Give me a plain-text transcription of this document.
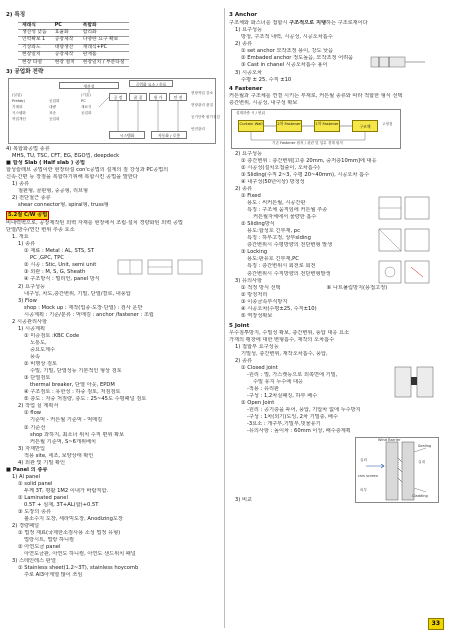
2) 특징
재래식	PC	복합화
생산성 낮음	효율화	합리화
인력확보 1	공장제작	다양한 요구 확보
기상좌도	대량생산	재래식+PC
현장일치	공장제작	판재흡
현장 타설	현장 설치	현장일치 / 부분타설
3) 공업화 전략
생산성	공업화 요소 / 목표
(일업)
Prefab)
기계화
시스템화
작업개선
공업화
대량
표준
공업화
(기술)
PC
재료식
공업화
공 정	품 질	원 가	안 전
현장작업 감소
현장관리 품질
공기단축 원가절감
안전관리
시스템화	자동화 / 로봇
4) 복합화공법 종류
MHS, TU, TSC, CFT, EG, EGO법, deepdeck
■ 합성 Slab ( Half slab ) 공법
합성슬래브 공법이란 현장타설 con'c공법의 설계의 질 강성과 PC공법의
신속·간편 등 장점을 복합하기위해 복합시킨 공법을 말한다
1) 종류
철판형, 골판형, 중공형, 리브형
2) 전단철근 종류
shear connector형, spiral형, truss형
5.2절 C/W 공법
비내력벽으로, 공장제작된 외벽 자재를 현장에서 조립·설치 경량화된 외벽 공법
단열/방수/연간 변위 추종 요소
1. 개요
1) 종류
① 재료 : Metal : AL, STS, ST
PC ,GPC, TPC
② 시공 : Stic, Unit, semi unit
③ 외관 : M, S, G, Sheath
④ 구조방식 : 멀리언, panel 방식
2) 요구성능
내구성, 차도,층간변위, 기밀, 단열/결로, 내풍압
3) Flow
shop : Mock up : 재작(업종·도장·단열) : 검사 운반
시공계획 : 기준/분류 : 먹매김 : anchor /fastener : 조립
2 시공관리사항
1) 시공계획
① 미증검토 :KBC Code
노통도,
중요도계수
풍속
② 비행상 검토
수밀, 기밀, 단열성등 기본적인 형상 검토
③ 단열검토
thermal breaker, 단열 아웃, EPDM
④ 구조검토 : 유한성 : 하중 검토, 처짐검토
⑤ 층도 : 자중 처짐량, 층도 : 25~45도 수평패널 검토
2) 작업 실 계획서
① flow
기준먹 - 커튼월 기준먹 - 먹매김
② 기준선
shop 과하지, 최소너 위치 수직 편위 확보
커튼월 기준먹, S~6개위배치
3) 자재반입
적용 site, 세조, 보양상태 확인
4) 외관 및 기밀 확인
■ Panel 의 종류
1) Al panel
① solid panel
두께 3T, 평활 1M2 이내가 바람직함.
② Laminated panel
0.5T + 심재, 3T+AL(합)+0.5T
③ 도장의 종류
불소수지 도장, 세라믹도장, Anodizing도장
2) 경량패널
① 법정 재료(국제한소검사용 소성 법정 유형)
법랑시트, 법랑 하니컴
② 아연도금 panel
아연도금판, 아연도 하니컴, 아연도 샌드위치 패널
3) 스테인레스 판넬
① Stainless sheet(1.2~3T), stainless hoycomb
주로 AI3아계열 많이 쓰임
3 Anchor
구조체와 화스너를 접합시 구조적으로 지탱하는 구조로재이다
1) 요구성능
방청, 구조적 내력, 시공성, 시공오차흡수
2) 종류
① set anchor 모작조정 용이, 강도 낮음
② Embaded anchor 정도높음, 모작조정 어려움
③ Cast in chanel 시공오차흡수 용이
3) 시공오차
수평 ± 25, 수직 ±10
4 Fastener
커튼월과 구조체를 연결 시키는 부재로, 커튼월 종류와 따라 적합한 형식 선택
층간변위, 시공성, 내구성 확보
설계하중 시 / 변위
Curtain Wall	2차 Fastener	1차 Fastener
구조체
기존 Fastener 원칙 / 관련 및 업무 경계 원칙
고정점
2) 요구성능
① 층간변위 : 층간변위[고층 20mm, 중저층10mm]에 대응
② 시공성(설치오접출이, 오차흡수)
③ Sliding(수직 2~3, 수평 20~40mm), 시공오차 흡수
④ 내구성(50년이상) 방청성
2) 종류
① Fixed
용도 : 씨커튼월, 시공간판
특징 : 구조체 움직임에 커튼월 추종
커튼월자체에서 물량한 흡수
② Sliding방식
용도:합성호 긴부재, pc
특징 : 하부고정, 상부slding
층간변위시 수평방향의 전단변형 발생
③ Locking
용도:판유호 긴부재,PC
특징 : 층간변위시 회전로 회전
층간변위시 수직방향의 전단변형발생
3) 유의사항
① 적정 방식 선택	⑥ 나트풀림방지(용접고정)
② 방청처리
③ 이종금속부식방지
④ 시공오차(수평±25, 수직±10)
⑤ 역장성확보
5 Joint
우수침투방지, 수밀성 확보, 층간변위, 풍압 대응 요소
가재의 팽창에 대한 변형흡수, 재작의 오차흡수
1) 접합부 요구성능
기밀성, 층간변위, 재작오차흡수, 풍압,
2) 종류
① Closed joint
-원리 : 벌, 가스켓등으로 외쪽면에 기밀,
수밀 유지 누수에 대응
-적용 : 유리판
-구성 : 1,2차실패칭, 하부 배수
② Open Joint
-원리 : 공기층을 두어, 풍압, 기압차 없애 누수방지
-구성 : 1차(외기)도잉, 2차 기밀층, 배수
-3요소 : 개구부,기밀부,빗물유기
-유의사항 : 높이차 : 60mm 이상, 배수층계획
Wind Barrier
Sealing
실내
실외
rain screen
외부
Cladding
3) 비교
33
